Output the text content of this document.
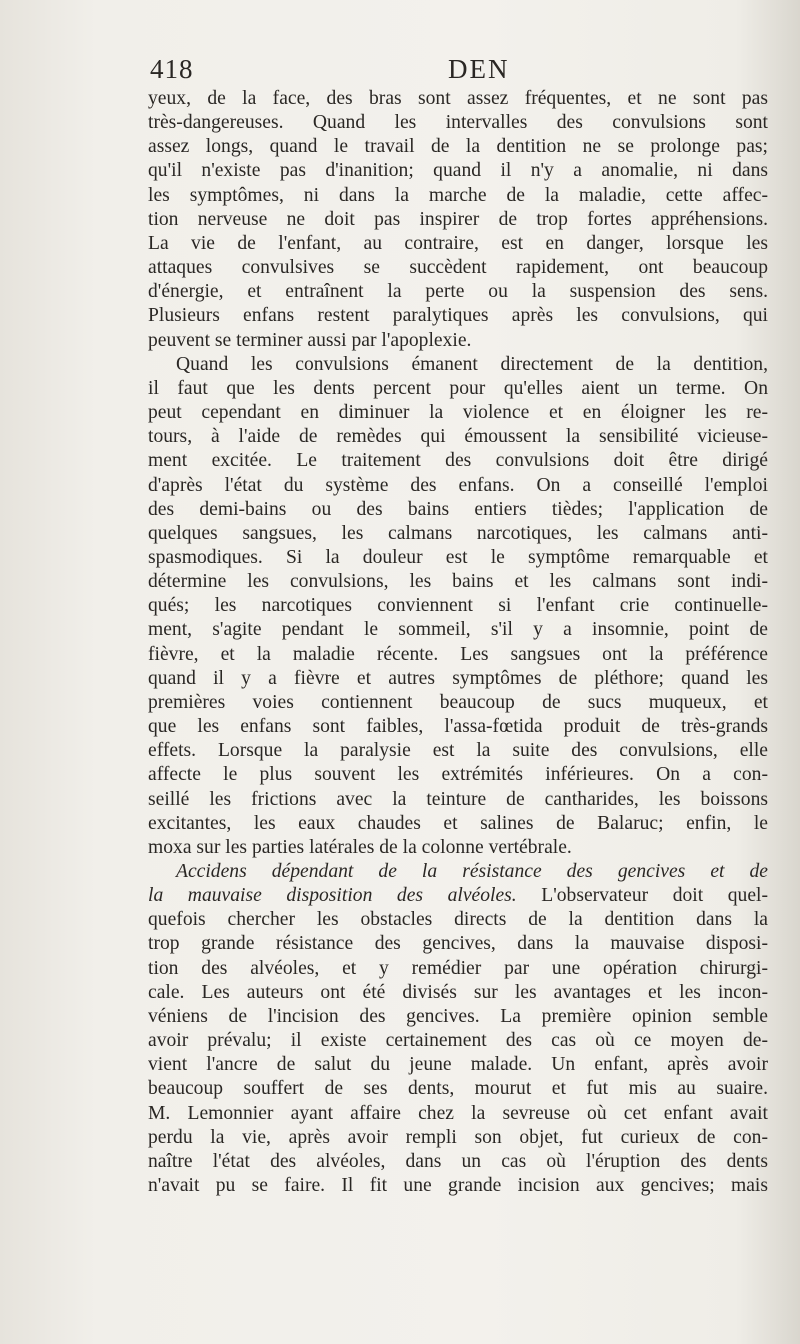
418	DEN
yeux, de la face, des bras sont assez fréquentes, et ne sont pas
très-dangereuses. Quand les intervalles des convulsions sont
assez longs, quand le travail de la dentition ne se prolonge pas;
qu'il n'existe pas d'inanition; quand il n'y a anomalie, ni dans
les symptômes, ni dans la marche de la maladie, cette affec-
tion nerveuse ne doit pas inspirer de trop fortes appréhensions.
La vie de l'enfant, au contraire, est en danger, lorsque les
attaques convulsives se succèdent rapidement, ont beaucoup
d'énergie, et entraînent la perte ou la suspension des sens.
Plusieurs enfans restent paralytiques après les convulsions, qui
peuvent se terminer aussi par l'apoplexie.
Quand les convulsions émanent directement de la dentition,
il faut que les dents percent pour qu'elles aient un terme. On
peut cependant en diminuer la violence et en éloigner les re-
tours, à l'aide de remèdes qui émoussent la sensibilité vicieuse-
ment excitée. Le traitement des convulsions doit être dirigé
d'après l'état du système des enfans. On a conseillé l'emploi
des demi-bains ou des bains entiers tièdes; l'application de
quelques sangsues, les calmans narcotiques, les calmans anti-
spasmodiques. Si la douleur est le symptôme remarquable et
détermine les convulsions, les bains et les calmans sont indi-
qués; les narcotiques conviennent si l'enfant crie continuelle-
ment, s'agite pendant le sommeil, s'il y a insomnie, point de
fièvre, et la maladie récente. Les sangsues ont la préférence
quand il y a fièvre et autres symptômes de pléthore; quand les
premières voies contiennent beaucoup de sucs muqueux, et
que les enfans sont faibles, l'assa-fœtida produit de très-grands
effets. Lorsque la paralysie est la suite des convulsions, elle
affecte le plus souvent les extrémités inférieures. On a con-
seillé les frictions avec la teinture de cantharides, les boissons
excitantes, les eaux chaudes et salines de Balaruc; enfin, le
moxa sur les parties latérales de la colonne vertébrale.
Accidens dépendant de la résistance des gencives et de
la mauvaise disposition des alvéoles. L'observateur doit quel-
quefois chercher les obstacles directs de la dentition dans la
trop grande résistance des gencives, dans la mauvaise disposi-
tion des alvéoles, et y remédier par une opération chirurgi-
cale. Les auteurs ont été divisés sur les avantages et les incon-
véniens de l'incision des gencives. La première opinion semble
avoir prévalu; il existe certainement des cas où ce moyen de-
vient l'ancre de salut du jeune malade. Un enfant, après avoir
beaucoup souffert de ses dents, mourut et fut mis au suaire.
M. Lemonnier ayant affaire chez la sevreuse où cet enfant avait
perdu la vie, après avoir rempli son objet, fut curieux de con-
naître l'état des alvéoles, dans un cas où l'éruption des dents
n'avait pu se faire. Il fit une grande incision aux gencives; mais
